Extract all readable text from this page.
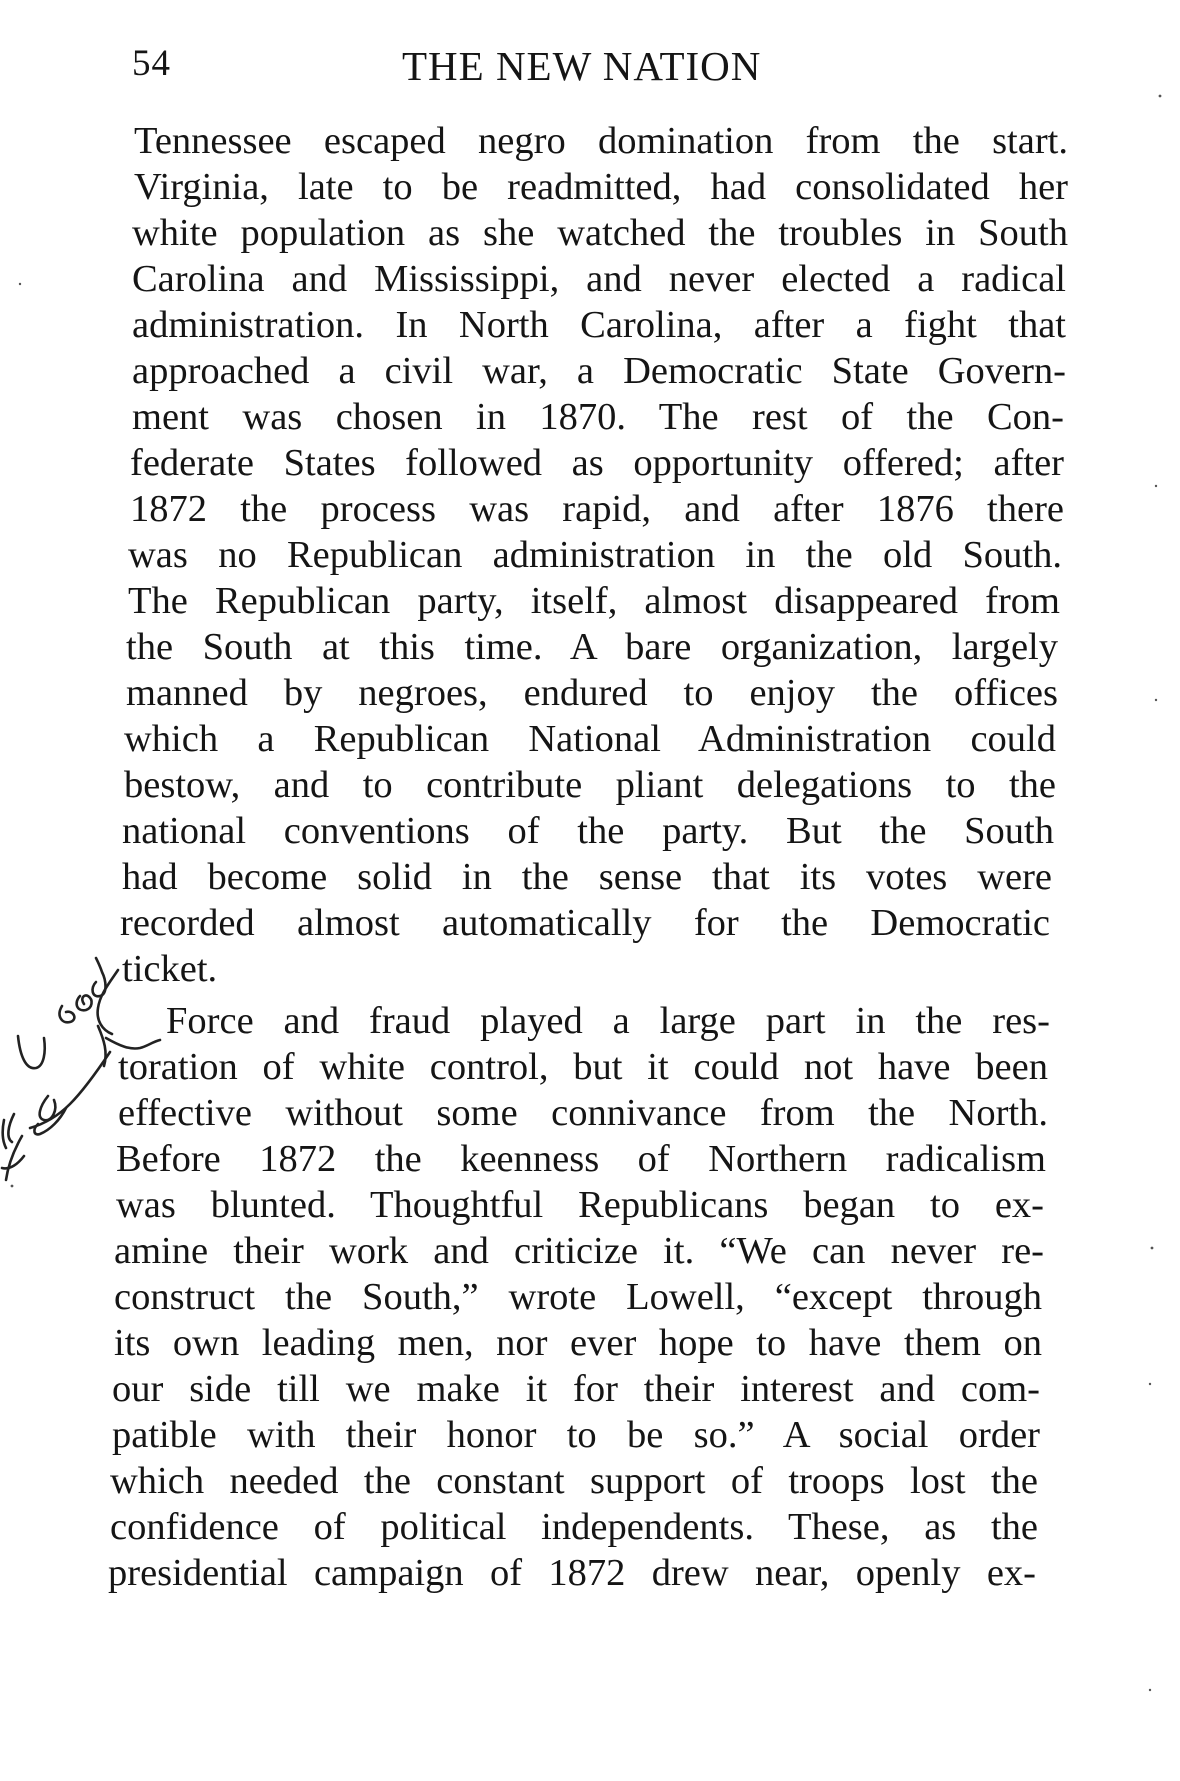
54	THE NEW NATION
Tennessee escaped negro domination from the start.
Virginia, late to be readmitted, had consolidated her
white population as she watched the troubles in South
Carolina and Mississippi, and never elected a radical
administration. In North Carolina, after a fight that
approached a civil war, a Democratic State Govern-
ment was chosen in 1870. The rest of the Con-
federate States followed as opportunity offered; after
1872 the process was rapid, and after 1876 there
was no Republican administration in the old South.
The Republican party, itself, almost disappeared from
the South at this time. A bare organization, largely
manned by negroes, endured to enjoy the offices
which a Republican National Administration could
bestow, and to contribute pliant delegations to the
national conventions of the party. But the South
had become solid in the sense that its votes were
recorded almost automatically for the Democratic
ticket.
Force and fraud played a large part in the res-
toration of white control, but it could not have been
effective without some connivance from the North.
Before 1872 the keenness of Northern radicalism
was blunted. Thoughtful Republicans began to ex-
amine their work and criticize it. “We can never re-
construct the South,” wrote Lowell, “except through
its own leading men, nor ever hope to have them on
our side till we make it for their interest and com-
patible with their honor to be so.” A social order
which needed the constant support of troops lost the
confidence of political independents. These, as the
presidential campaign of 1872 drew near, openly ex-
